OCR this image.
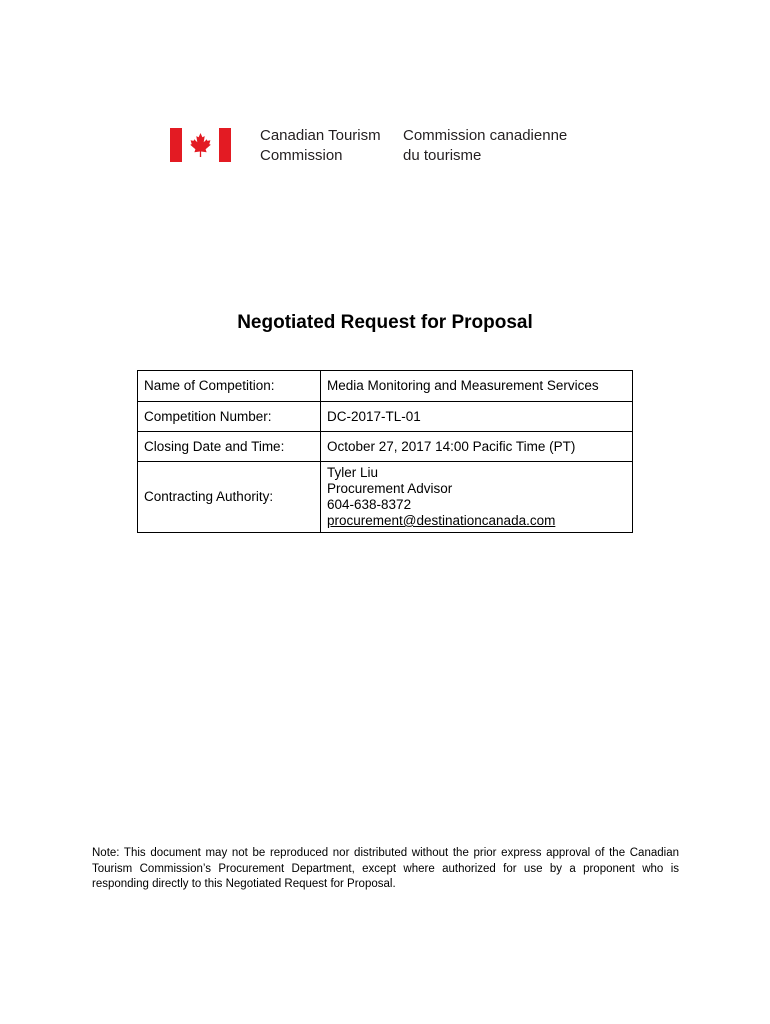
Canadian Tourism
Commission
Commission canadienne
du tourisme
Negotiated Request for Proposal
Name of Competition:	Media Monitoring and Measurement Services
Competition Number:	DC-2017-TL-01
Closing Date and Time:	October 27, 2017 14:00 Pacific Time (PT)
Contracting Authority:	Tyler Liu
Procurement Advisor
604-638-8372
procurement@destinationcanada.com
Note: This document may not be reproduced nor distributed without the prior express approval of the Canadian Tourism Commission’s Procurement Department, except where authorized for use by a proponent who is responding directly to this Negotiated Request for Proposal.
